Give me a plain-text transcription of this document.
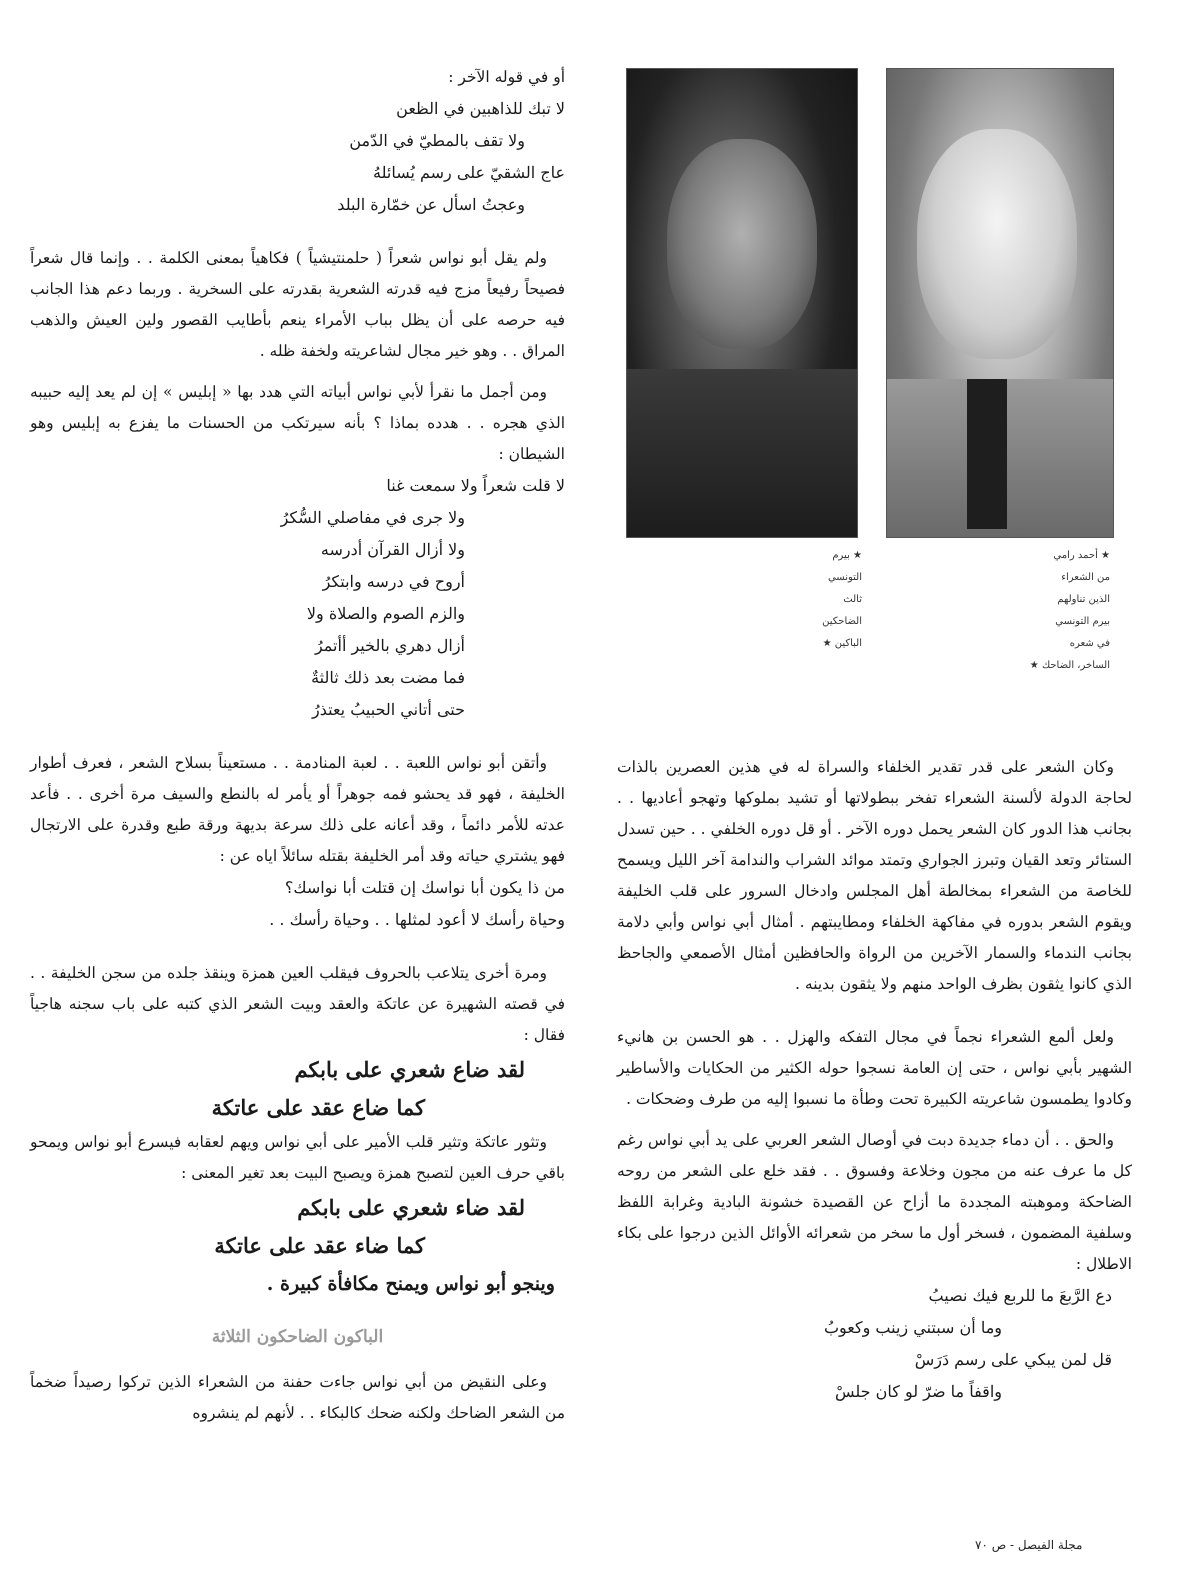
★ بيرم
التونسي
ثالث
الضاحكين
الباكين ★
★ أحمد رامي
من الشعراء
الذين تناولهم
بيرم التونسي
في شعره
الساخر، الضاحك ★
أو في قوله الآخر :
لا تبك للذاهبين في الظعن
ولا تقف بالمطيّ في الدّمن
عاج الشقيّ على رسم يُسائلهُ
وعجتُ اسأل عن خمّارة البلد

ولم يقل أبو نواس شعراً ( حلمنتيشياً ) فكاهياً بمعنى الكلمة . . وإنما قال شعراً فصيحاً رفيعاً مزج فيه قدرته الشعرية بقدرته على السخرية . وربما دعم هذا الجانب فيه حرصه على أن يظل بباب الأمراء ينعم بأطايب القصور ولين العيش والذهب المراق . . وهو خير مجال لشاعريته ولخفة ظله .

ومن أجمل ما نقرأ لأبي نواس أبياته التي هدد بها « إبليس » إن لم يعد إليه حبيبه الذي هجره . . هدده بماذا ؟ بأنه سيرتكب من الحسنات ما يفزع به إبليس وهو الشيطان :

لا قلت شعراً ولا سمعت غنا
ولا جرى في مفاصلي السُّكرُ
ولا أزال القرآن أدرسه
أروح في درسه وابتكرُ
والزم الصوم والصلاة ولا
أزال دهري بالخير أأتمرُ
فما مضت بعد ذلك ثالثةٌ
حتى أتاني الحبيبُ يعتذرُ

وأتقن أبو نواس اللعبة . . لعبة المنادمة . . مستعيناً بسلاح الشعر ، فعرف أطوار الخليفة ، فهو قد يحشو فمه جوهراً أو يأمر له بالنطع والسيف مرة أخرى . . فأعد عدته للأمر دائماً ، وقد أعانه على ذلك سرعة بديهة ورقة طبع وقدرة على الارتجال فهو يشتري حياته وقد أمر الخليفة بقتله سائلاً اياه عن :

من ذا يكون أبا نواسك إن قتلت أبا نواسك؟
وحياة رأسك لا أعود لمثلها . . وحياة رأسك . .

ومرة أخرى يتلاعب بالحروف فيقلب العين همزة وينقذ جلده من سجن الخليفة . . في قصته الشهيرة عن عاتكة والعقد وبيت الشعر الذي كتبه على باب سجنه هاجياً فقال :

لقد ضاع شعري على بابكم
كما ضاع عقد على عاتكة

وتثور عاتكة وتثير قلب الأمير على أبي نواس ويهم لعقابه فيسرع أبو نواس ويمحو باقي حرف العين لتصبح همزة ويصبح البيت بعد تغير المعنى :

لقد ضاء شعري على بابكم
كما ضاء عقد على عاتكة
وينجو أبو نواس ويمنح مكافأة كبيرة .
الباكون الضاحكون الثلاثة

وعلى النقيض من أبي نواس جاءت حفنة من الشعراء الذين تركوا رصيداً ضخماً من الشعر الضاحك ولكنه ضحك كالبكاء . . لأنهم لم ينشروه

وكان الشعر على قدر تقدير الخلفاء والسراة له في هذين العصرين بالذات لحاجة الدولة لألسنة الشعراء تفخر ببطولاتها أو تشيد بملوكها وتهجو أعاديها . . بجانب هذا الدور كان الشعر يحمل دوره الآخر . أو قل دوره الخلفي . . حين تسدل الستائر وتعد القيان وتبرز الجواري وتمتد موائد الشراب والندامة آخر الليل ويسمح للخاصة من الشعراء بمخالطة أهل المجلس وادخال السرور على قلب الخليفة ويقوم الشعر بدوره في مفاكهة الخلفاء ومطايبتهم . أمثال أبي نواس وأبي دلامة بجانب الندماء والسمار الآخرين من الرواة والحافظين أمثال الأصمعي والجاحظ الذي كانوا يثقون بظرف الواحد منهم ولا يثقون بدينه .

ولعل ألمع الشعراء نجماً في مجال التفكه والهزل . . هو الحسن بن هانيء الشهير بأبي نواس ، حتى إن العامة نسجوا حوله الكثير من الحكايات والأساطير وكادوا يطمسون شاعريته الكبيرة تحت وطأة ما نسبوا إليه من طرف وضحكات .

والحق . . أن دماء جديدة دبت في أوصال الشعر العربي على يد أبي نواس رغم كل ما عرف عنه من مجون وخلاعة وفسوق . . فقد خلع على الشعر من روحه الضاحكة وموهبته المجددة ما أزاح عن القصيدة خشونة البادية وغرابة اللفظ وسلفية المضمون ، فسخر أول ما سخر من شعرائه الأوائل الذين درجوا على بكاء الاطلال :

دع الرَّبعَ ما للربع فيك نصيبُ
وما أن سبتني زينب وكعوبُ
قل لمن يبكي على رسم دَرَسْ
واقفاً ما ضرّ لو كان جلسْ
مجلة الفيصل - ص ٧٠
